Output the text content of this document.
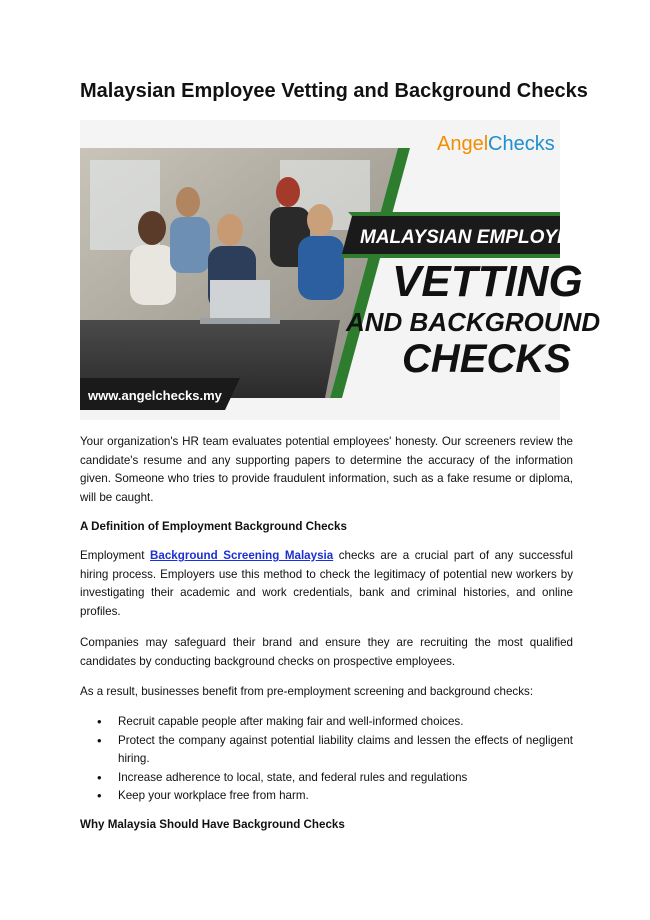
Malaysian Employee Vetting and Background Checks
Angel Checks
MALAYSIAN EMPLOYEE
VETTING
AND BACKGROUND
CHECKS
www.angelchecks.my

Your organization's HR team evaluates potential employees' honesty. Our screeners review the candidate's resume and any supporting papers to determine the accuracy of the information given. Someone who tries to provide fraudulent information, such as a fake resume or diploma, will be caught.

A Definition of Employment Background Checks

Employment Background Screening Malaysia checks are a crucial part of any successful hiring process. Employers use this method to check the legitimacy of potential new workers by investigating their academic and work credentials, bank and criminal histories, and online profiles.

Companies may safeguard their brand and ensure they are recruiting the most qualified candidates by conducting background checks on prospective employees.

As a result, businesses benefit from pre-employment screening and background checks:

• Recruit capable people after making fair and well-informed choices.
• Protect the company against potential liability claims and lessen the effects of negligent hiring.
• Increase adherence to local, state, and federal rules and regulations
• Keep your workplace free from harm.

Why Malaysia Should Have Background Checks
